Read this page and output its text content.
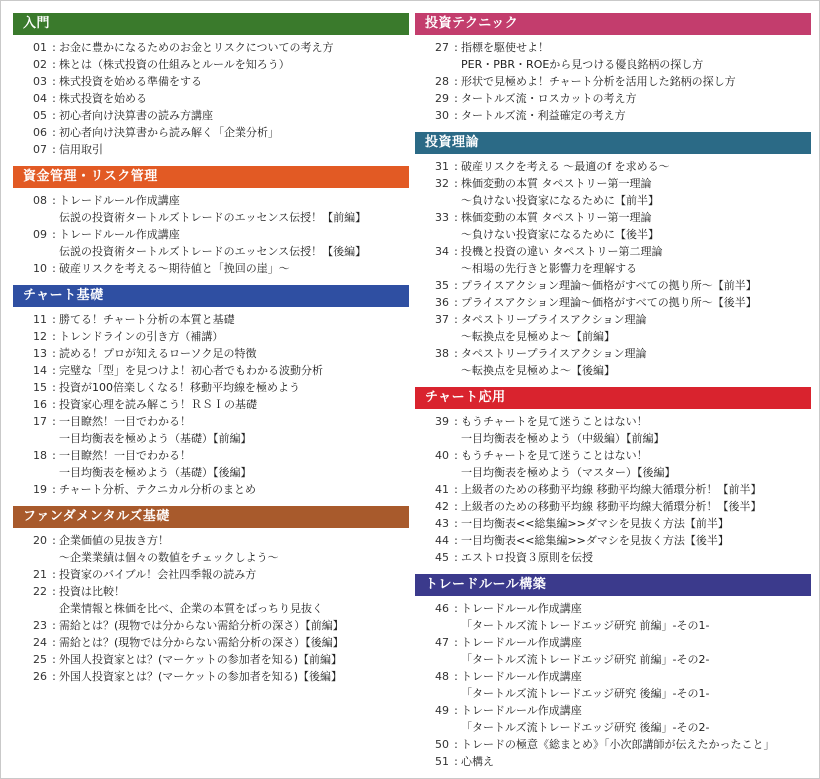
入門
01 : お金に豊かになるためのお金とリスクについての考え方
02 : 株とは（株式投資の仕組みとルールを知ろう）
03 : 株式投資を始める準備をする
04 : 株式投資を始める
05 : 初心者向け決算書の読み方講座
06 : 初心者向け決算書から読み解く「企業分析」
07 : 信用取引
資金管理・リスク管理
08 : トレードルール作成講座
伝説の投資術タートルズトレードのエッセンス伝授！【前編】
09 : トレードルール作成講座
伝説の投資術タートルズトレードのエッセンス伝授！【後編】
10 : 破産リスクを考える〜期待値と「挽回の崖」〜
チャート基礎
11 : 勝てる！チャート分析の本質と基礎
12 : トレンドラインの引き方（補講）
13 : 読める！プロが知えるローソク足の特徴
14 : 完璧な「型」を見つけよ！初心者でもわかる波動分析
15 : 投資が100倍楽しくなる！移動平均線を極めよう
16 : 投資家心理を読み解こう！ＲＳＩの基礎
17 : 一目瞭然！一目でわかる！
一目均衡表を極めよう（基礎）【前編】
18 : 一目瞭然！一目でわかる！
一目均衡表を極めよう（基礎）【後編】
19 : チャート分析、テクニカル分析のまとめ
ファンダメンタルズ基礎
20 : 企業価値の見抜き方！
〜企業業績は個々の数値をチェックしよう〜
21 : 投資家のバイブル！会社四季報の読み方
22 : 投資は比較！
企業情報と株価を比べ、企業の本質をばっちり見抜く
23 : 需給とは？(現物では分からない需給分析の深さ）【前編】
24 : 需給とは？(現物では分からない需給分析の深さ）【後編】
25 : 外国人投資家とは？(マーケットの参加者を知る)【前編】
26 : 外国人投資家とは？(マーケットの参加者を知る)【後編】
投資テクニック
27 : 指標を駆使せよ！
PER・PBR・ROEから見つける優良銘柄の探し方
28 : 形状で見極めよ！チャート分析を活用した銘柄の探し方
29 : タートルズ流・ロスカットの考え方
30 : タートルズ流・利益確定の考え方
投資理論
31 : 破産リスクを考える 〜最適のf を求める〜
32 : 株価変動の本質 タペストリー第一理論
〜負けない投資家になるために【前半】
33 : 株価変動の本質 タペストリー第一理論
〜負けない投資家になるために【後半】
34 : 投機と投資の違い タペストリー第二理論
〜相場の先行きと影響力を理解する
35 : プライスアクション理論〜価格がすべての拠り所〜【前半】
36 : プライスアクション理論〜価格がすべての拠り所〜【後半】
37 : タペストリープライスアクション理論
〜転換点を見極めよ〜【前編】
38 : タペストリープライスアクション理論
〜転換点を見極めよ〜【後編】
チャート応用
39 : もうチャートを見て迷うことはない！
一目均衡表を極めよう（中級編）【前編】
40 : もうチャートを見て迷うことはない！
一目均衡表を極めよう（マスター）【後編】
41 : 上級者のための移動平均線 移動平均線大循環分析！【前半】
42 : 上級者のための移動平均線 移動平均線大循環分析！【後半】
43 : 一目均衡表<<総集編>>ダマシを見抜く方法【前半】
44 : 一目均衡表<<総集編>>ダマシを見抜く方法【後半】
45 : エストロ投資３原則を伝授
トレードルール構築
46 : トレードルール作成講座
「タートルズ流トレードエッジ研究 前編」-その1-
47 : トレードルール作成講座
「タートルズ流トレードエッジ研究 前編」-その2-
48 : トレードルール作成講座
「タートルズ流トレードエッジ研究 後編」-その1-
49 : トレードルール作成講座
「タートルズ流トレードエッジ研究 後編」-その2-
50 : トレードの極意《総まとめ》「小次郎講師が伝えたかったこと」
51 : 心構え
